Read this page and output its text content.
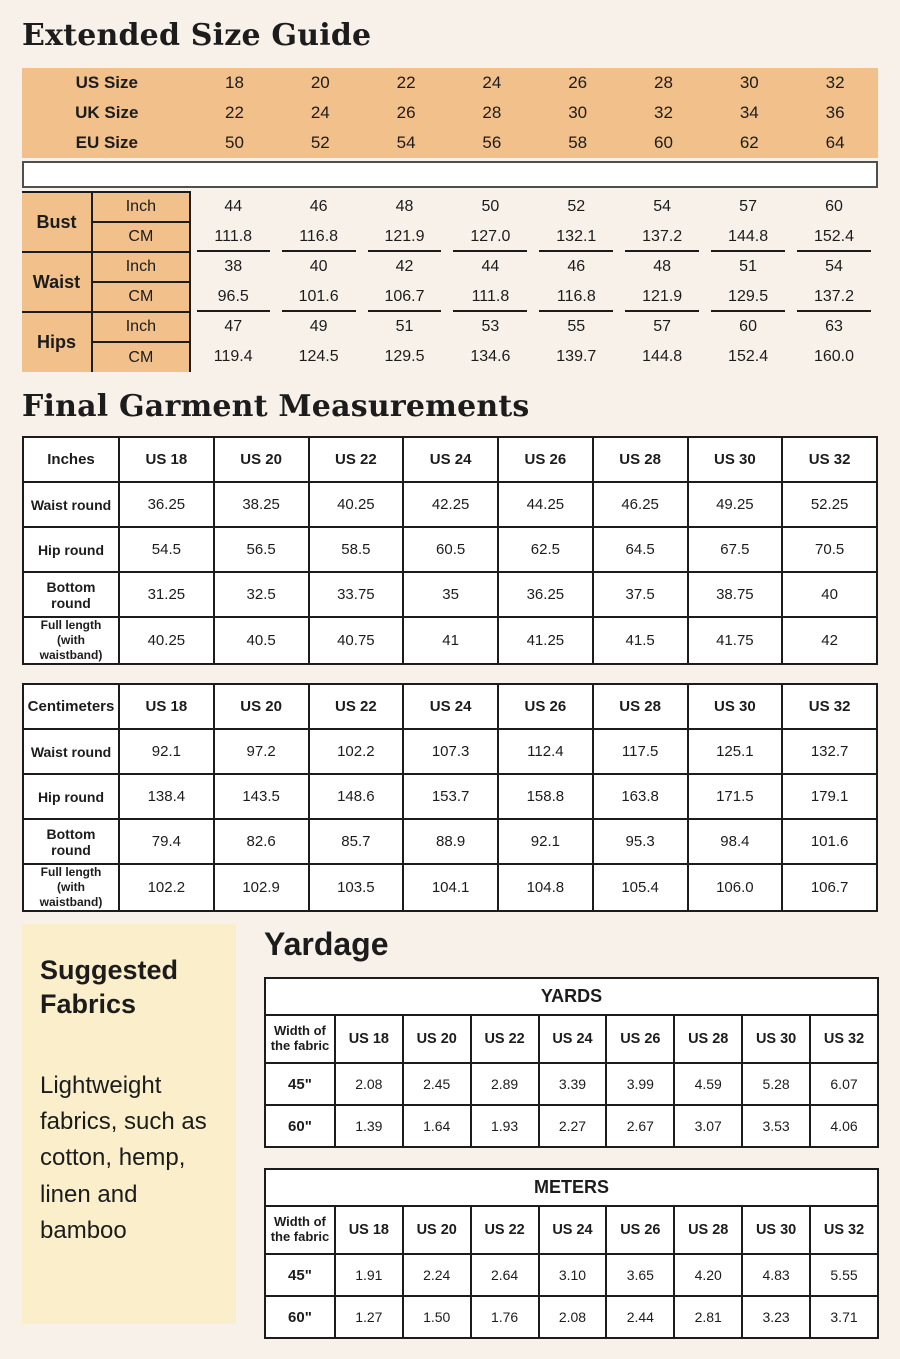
Extended Size Guide
US Size	18	20	22	24	26	28	30	32
UK Size	22	24	26	28	30	32	34	36
EU Size	50	52	54	56	58	60	62	64
Bust	Inch	44	46	48	50	52	54	57	60
	CM	111.8	116.8	121.9	127.0	132.1	137.2	144.8	152.4
Waist	Inch	38	40	42	44	46	48	51	54
	CM	96.5	101.6	106.7	111.8	116.8	121.9	129.5	137.2
Hips	Inch	47	49	51	53	55	57	60	63
	CM	119.4	124.5	129.5	134.6	139.7	144.8	152.4	160.0
Final Garment Measurements
Inches	US 18	US 20	US 22	US 24	US 26	US 28	US 30	US 32
Waist round	36.25	38.25	40.25	42.25	44.25	46.25	49.25	52.25
Hip round	54.5	56.5	58.5	60.5	62.5	64.5	67.5	70.5
Bottom round	31.25	32.5	33.75	35	36.25	37.5	38.75	40
Full length (with waistband)	40.25	40.5	40.75	41	41.25	41.5	41.75	42
Centimeters	US 18	US 20	US 22	US 24	US 26	US 28	US 30	US 32
Waist round	92.1	97.2	102.2	107.3	112.4	117.5	125.1	132.7
Hip round	138.4	143.5	148.6	153.7	158.8	163.8	171.5	179.1
Bottom round	79.4	82.6	85.7	88.9	92.1	95.3	98.4	101.6
Full length (with waistband)	102.2	102.9	103.5	104.1	104.8	105.4	106.0	106.7
Suggested Fabrics

Lightweight fabrics, such as cotton, hemp, linen and bamboo

Yardage
YARDS								
Width of the fabric	US 18	US 20	US 22	US 24	US 26	US 28	US 30	US 32
45"	2.08	2.45	2.89	3.39	3.99	4.59	5.28	6.07
60"	1.39	1.64	1.93	2.27	2.67	3.07	3.53	4.06
METERS								
Width of the fabric	US 18	US 20	US 22	US 24	US 26	US 28	US 30	US 32
45"	1.91	2.24	2.64	3.10	3.65	4.20	4.83	5.55
60"	1.27	1.50	1.76	2.08	2.44	2.81	3.23	3.71
